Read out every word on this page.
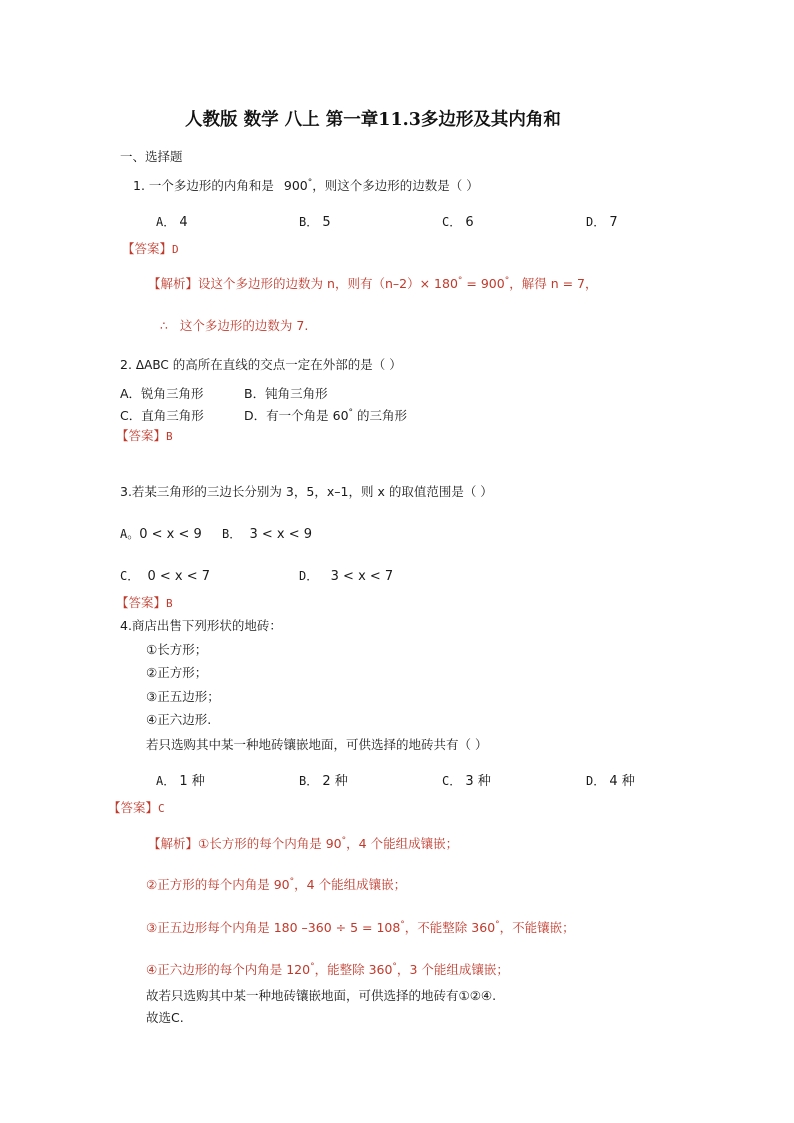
人教版 数学 八上 第一章11.3多边形及其内角和
一、选择题
1. 一个多边形的内角和是 900°，则这个多边形的边数是（ ）
A． 4	B． 5	C． 6	D． 7
【答案】D
【解析】设这个多边形的边数为 n，则有（n–2）× 180° = 900°，解得 n = 7，
∴ 这个多边形的边数为 7.
2. ΔABC 的高所在直线的交点一定在外部的是（ ）
A．锐角三角形	B．钝角三角形
C．直角三角形	D．有一个角是 60° 的三角形
【答案】B
3.若某三角形的三边长分别为 3，5，x–1，则 x 的取值范围是（ ）
A。0 < x < 9 B． 3 < x < 9
C． 0 < x < 7	D． 3 < x < 7
【答案】B
4.商店出售下列形状的地砖：
①长方形；
②正方形；
③正五边形；
④正六边形.
若只选购其中某一种地砖镶嵌地面，可供选择的地砖共有（ ）
A． 1 种	B． 2 种	C． 3 种	D． 4 种
【答案】C
【解析】①长方形的每个内角是 90°，4 个能组成镶嵌；
②正方形的每个内角是 90°，4 个能组成镶嵌；
③正五边形每个内角是 180 –360 ÷ 5 = 108°，不能整除 360°，不能镶嵌；
④正六边形的每个内角是 120°，能整除 360°，3 个能组成镶嵌；
故若只选购其中某一种地砖镶嵌地面，可供选择的地砖有①②④.
故选C.
